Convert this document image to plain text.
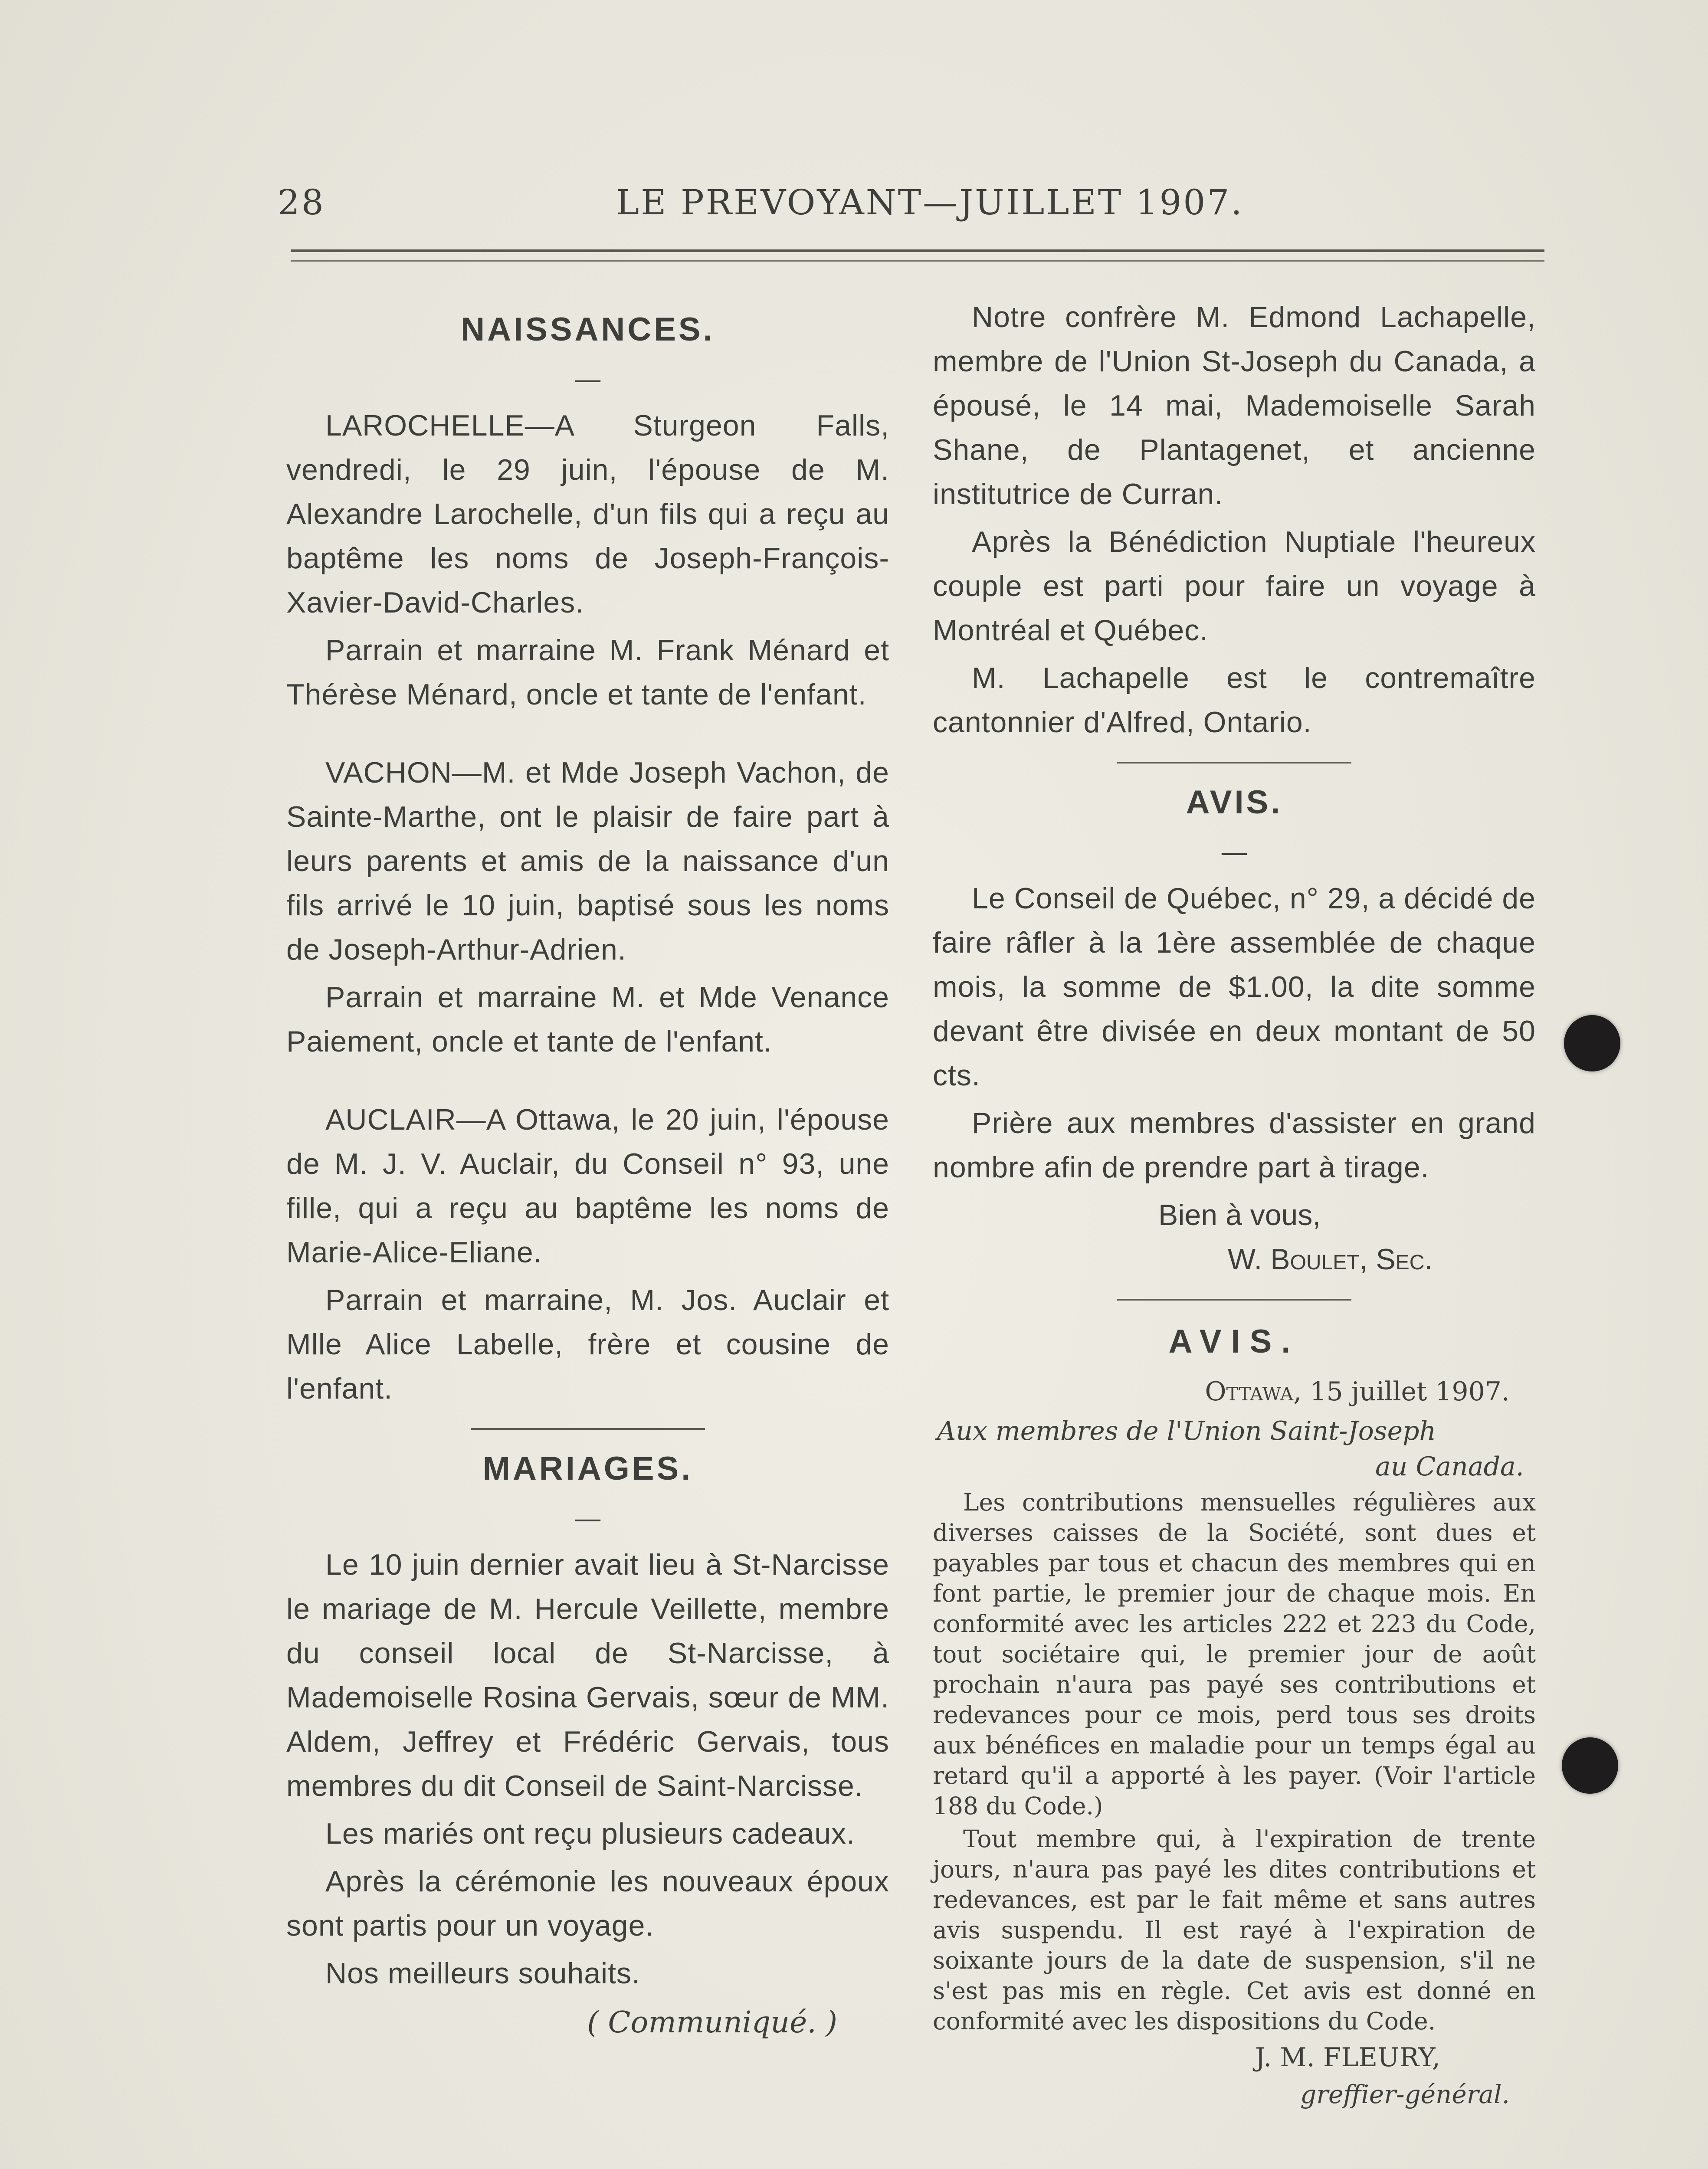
28	LE PREVOYANT—JUILLET 1907.
NAISSANCES.
—

LAROCHELLE—A Sturgeon Falls, vendredi, le 29 juin, l'épouse de M. Alexandre Larochelle, d'un fils qui a reçu au baptême les noms de Joseph-François-Xavier-David-Charles.

Parrain et marraine M. Frank Ménard et Thérèse Ménard, oncle et tante de l'enfant.

VACHON—M. et Mde Joseph Vachon, de Sainte-Marthe, ont le plaisir de faire part à leurs parents et amis de la naissance d'un fils arrivé le 10 juin, baptisé sous les noms de Joseph-Arthur-Adrien.

Parrain et marraine M. et Mde Venance Paiement, oncle et tante de l'enfant.

AUCLAIR—A Ottawa, le 20 juin, l'épouse de M. J. V. Auclair, du Conseil n° 93, une fille, qui a reçu au baptême les noms de Marie-Alice-Eliane.

Parrain et marraine, M. Jos. Auclair et Mlle Alice Labelle, frère et cousine de l'enfant.

MARIAGES.
—

Le 10 juin dernier avait lieu à St-Narcisse le mariage de M. Hercule Veillette, membre du conseil local de St-Narcisse, à Mademoiselle Rosina Gervais, sœur de MM. Aldem, Jeffrey et Frédéric Gervais, tous membres du dit Conseil de Saint-Narcisse.

Les mariés ont reçu plusieurs cadeaux.

Après la cérémonie les nouveaux époux sont partis pour un voyage.

Nos meilleurs souhaits.

( Communiqué. )

Notre confrère M. Edmond Lachapelle, membre de l'Union St-Joseph du Canada, a épousé, le 14 mai, Mademoiselle Sarah Shane, de Plantagenet, et ancienne institutrice de Curran.

Après la Bénédiction Nuptiale l'heureux couple est parti pour faire un voyage à Montréal et Québec.

M. Lachapelle est le contremaître cantonnier d'Alfred, Ontario.

AVIS.
—

Le Conseil de Québec, n° 29, a décidé de faire râfler à la 1ère assemblée de chaque mois, la somme de $1.00, la dite somme devant être divisée en deux montant de 50 cts.

Prière aux membres d'assister en grand nombre afin de prendre part à tirage.

Bien à vous,
W. Boulet, Sec.
AVIS.
Ottawa, 15 juillet 1907.
Aux membres de l'Union Saint-Joseph
au Canada.

Les contributions mensuelles régulières aux diverses caisses de la Société, sont dues et payables par tous et chacun des membres qui en font partie, le premier jour de chaque mois. En conformité avec les articles 222 et 223 du Code, tout sociétaire qui, le premier jour de août prochain n'aura pas payé ses contributions et redevances pour ce mois, perd tous ses droits aux bénéfices en maladie pour un temps égal au retard qu'il a apporté à les payer. (Voir l'article 188 du Code.)

Tout membre qui, à l'expiration de trente jours, n'aura pas payé les dites contributions et redevances, est par le fait même et sans autres avis suspendu. Il est rayé à l'expiration de soixante jours de la date de suspension, s'il ne s'est pas mis en règle. Cet avis est donné en conformité avec les dispositions du Code.

J. M. FLEURY,
greffier-général.
